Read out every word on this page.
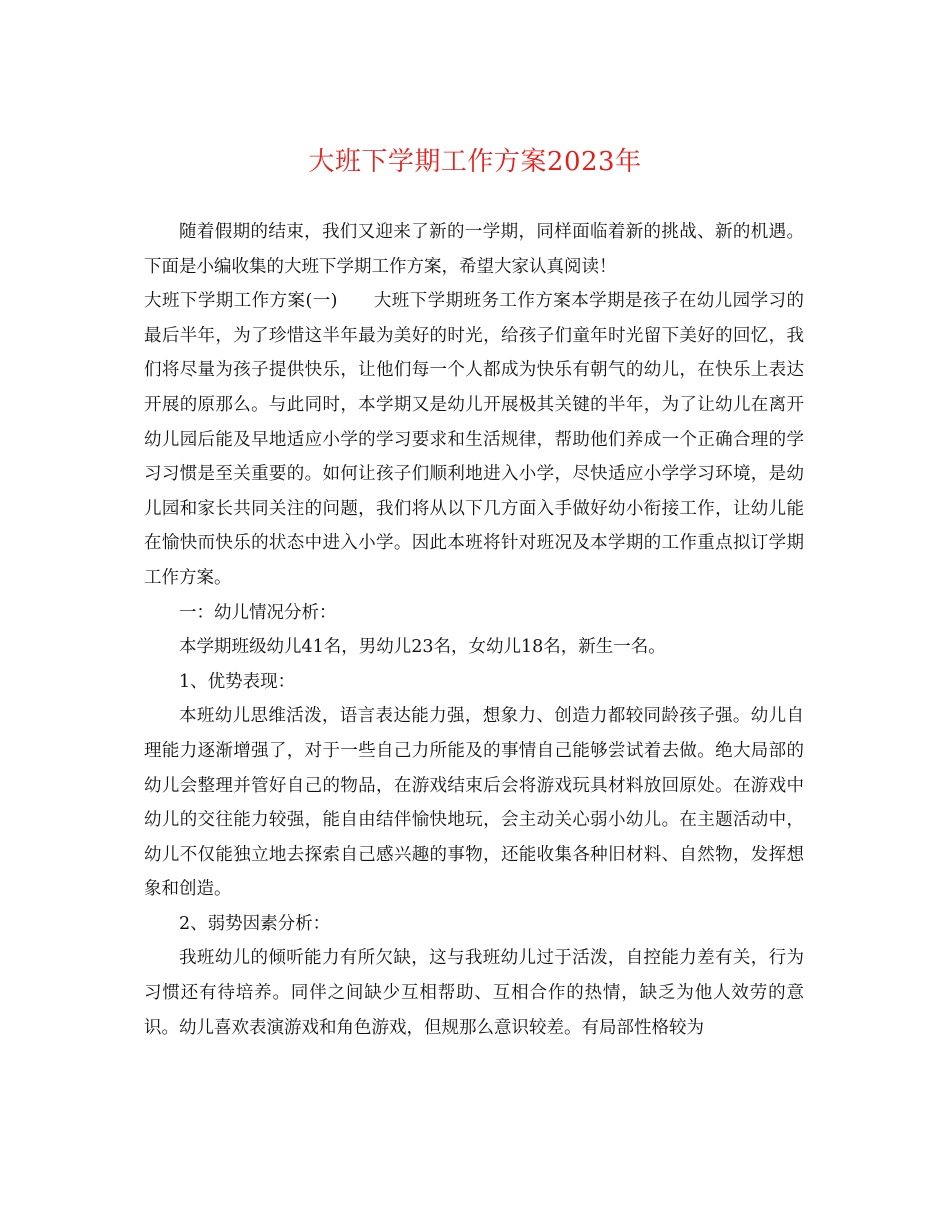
大班下学期工作方案2023年

随着假期的结束，我们又迎来了新的一学期，同样面临着新的挑战、新的机遇。下面是小编收集的大班下学期工作方案，希望大家认真阅读！

大班下学期工作方案(一)　　大班下学期班务工作方案本学期是孩子在幼儿园学习的最后半年，为了珍惜这半年最为美好的时光，给孩子们童年时光留下美好的回忆，我们将尽量为孩子提供快乐，让他们每一个人都成为快乐有朝气的幼儿，在快乐上表达开展的原那么。与此同时，本学期又是幼儿开展极其关键的半年，为了让幼儿在离开幼儿园后能及早地适应小学的学习要求和生活规律，帮助他们养成一个正确合理的学习习惯是至关重要的。如何让孩子们顺利地进入小学，尽快适应小学学习环境，是幼儿园和家长共同关注的问题，我们将从以下几方面入手做好幼小衔接工作，让幼儿能在愉快而快乐的状态中进入小学。因此本班将针对班况及本学期的工作重点拟订学期工作方案。

一：幼儿情况分析：

本学期班级幼儿41名，男幼儿23名，女幼儿18名，新生一名。

1、优势表现：

本班幼儿思维活泼，语言表达能力强，想象力、创造力都较同龄孩子强。幼儿自理能力逐渐增强了，对于一些自己力所能及的事情自己能够尝试着去做。绝大局部的幼儿会整理并管好自己的物品，在游戏结束后会将游戏玩具材料放回原处。在游戏中幼儿的交往能力较强，能自由结伴愉快地玩，会主动关心弱小幼儿。在主题活动中，幼儿不仅能独立地去探索自己感兴趣的事物，还能收集各种旧材料、自然物，发挥想象和创造。

2、弱势因素分析：

我班幼儿的倾听能力有所欠缺，这与我班幼儿过于活泼，自控能力差有关，行为习惯还有待培养。同伴之间缺少互相帮助、互相合作的热情，缺乏为他人效劳的意识。幼儿喜欢表演游戏和角色游戏，但规那么意识较差。有局部性格较为
